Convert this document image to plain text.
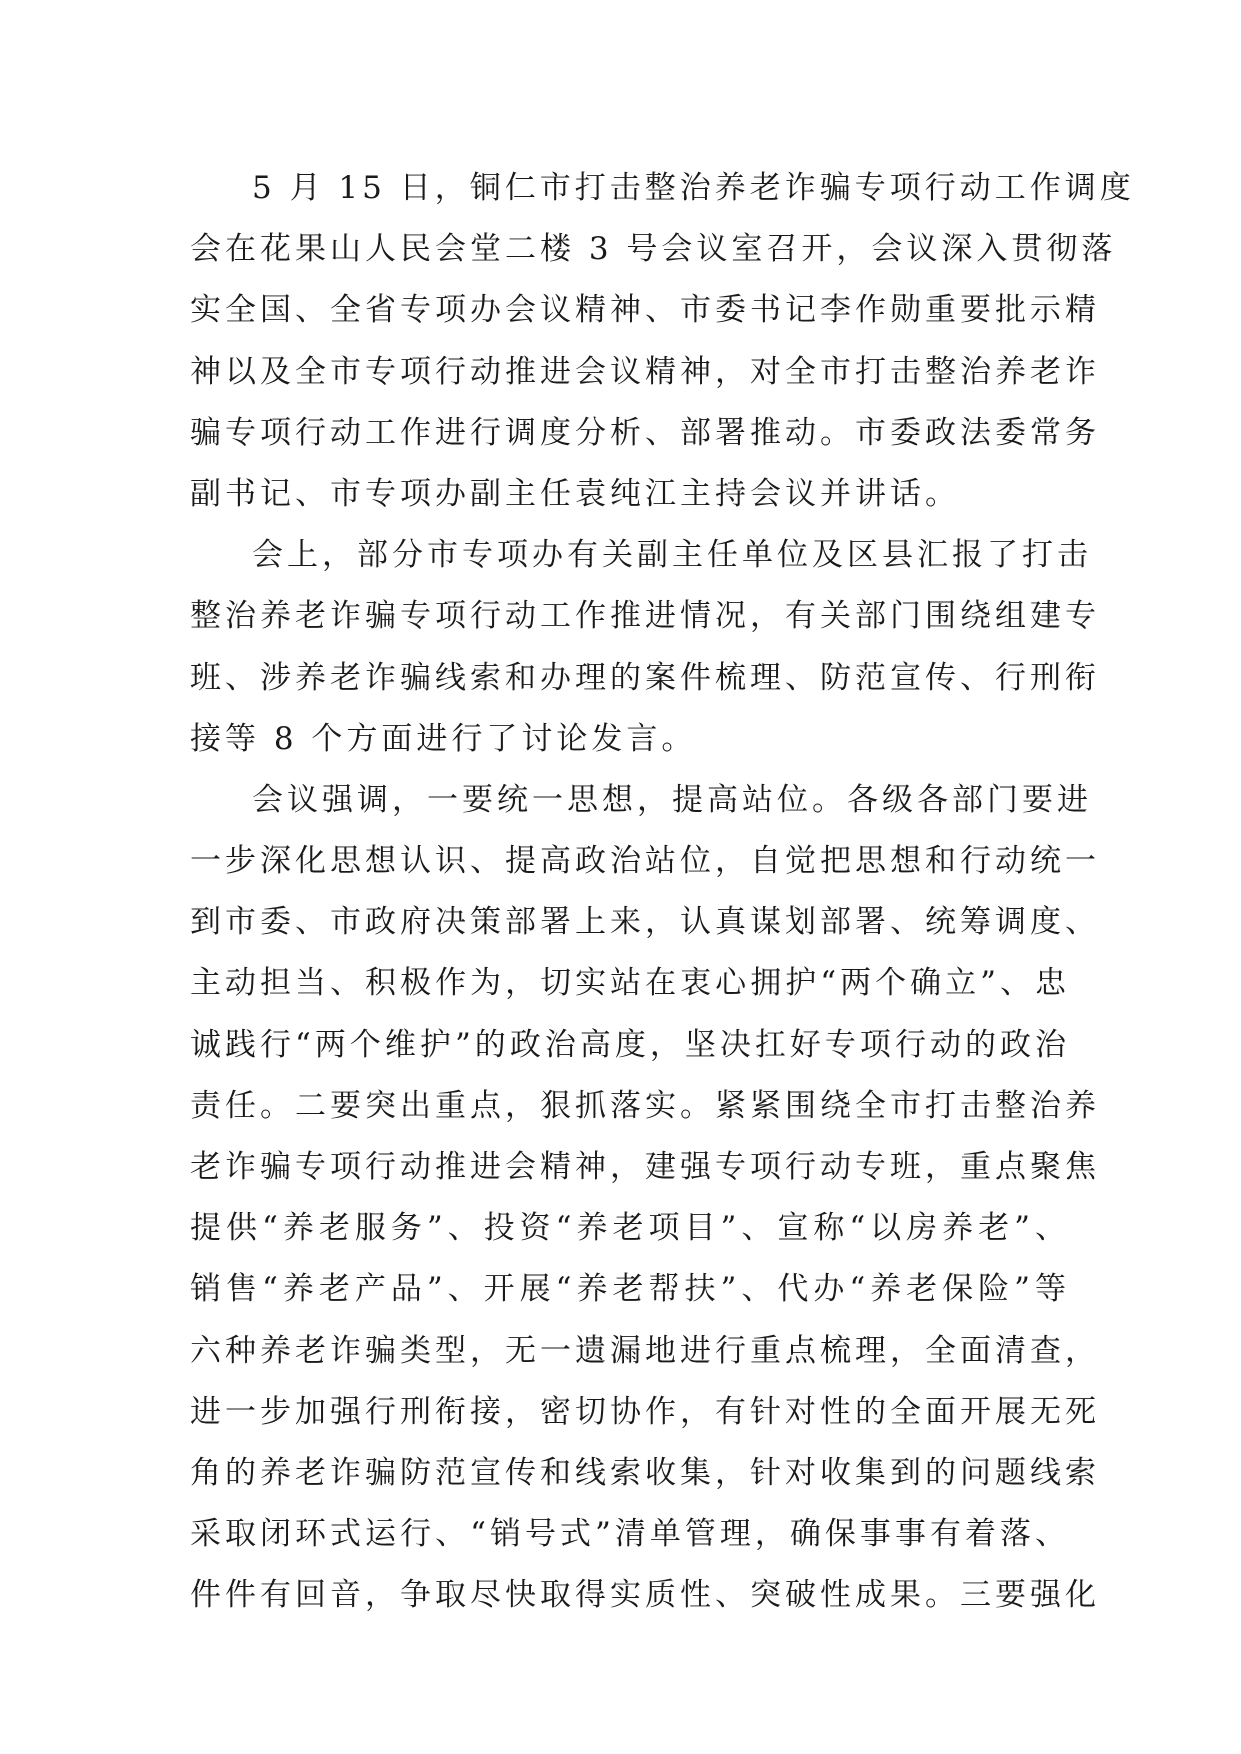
5 月 15 日，铜仁市打击整治养老诈骗专项行动工作调度
会在花果山人民会堂二楼 3 号会议室召开，会议深入贯彻落
实全国、全省专项办会议精神、市委书记李作勋重要批示精
神以及全市专项行动推进会议精神，对全市打击整治养老诈
骗专项行动工作进行调度分析、部署推动。市委政法委常务
副书记、市专项办副主任袁纯江主持会议并讲话。
会上，部分市专项办有关副主任单位及区县汇报了打击
整治养老诈骗专项行动工作推进情况，有关部门围绕组建专
班、涉养老诈骗线索和办理的案件梳理、防范宣传、行刑衔
接等 8 个方面进行了讨论发言。
会议强调，一要统一思想，提高站位。各级各部门要进
一步深化思想认识、提高政治站位，自觉把思想和行动统一
到市委、市政府决策部署上来，认真谋划部署、统筹调度、
主动担当、积极作为，切实站在衷心拥护“两个确立”、忠
诚践行“两个维护”的政治高度，坚决扛好专项行动的政治
责任。二要突出重点，狠抓落实。紧紧围绕全市打击整治养
老诈骗专项行动推进会精神，建强专项行动专班，重点聚焦
提供“养老服务”、投资“养老项目”、宣称“以房养老”、
销售“养老产品”、开展“养老帮扶”、代办“养老保险”等
六种养老诈骗类型，无一遗漏地进行重点梳理，全面清查，
进一步加强行刑衔接，密切协作，有针对性的全面开展无死
角的养老诈骗防范宣传和线索收集，针对收集到的问题线索
采取闭环式运行、“销号式”清单管理，确保事事有着落、
件件有回音，争取尽快取得实质性、突破性成果。三要强化
